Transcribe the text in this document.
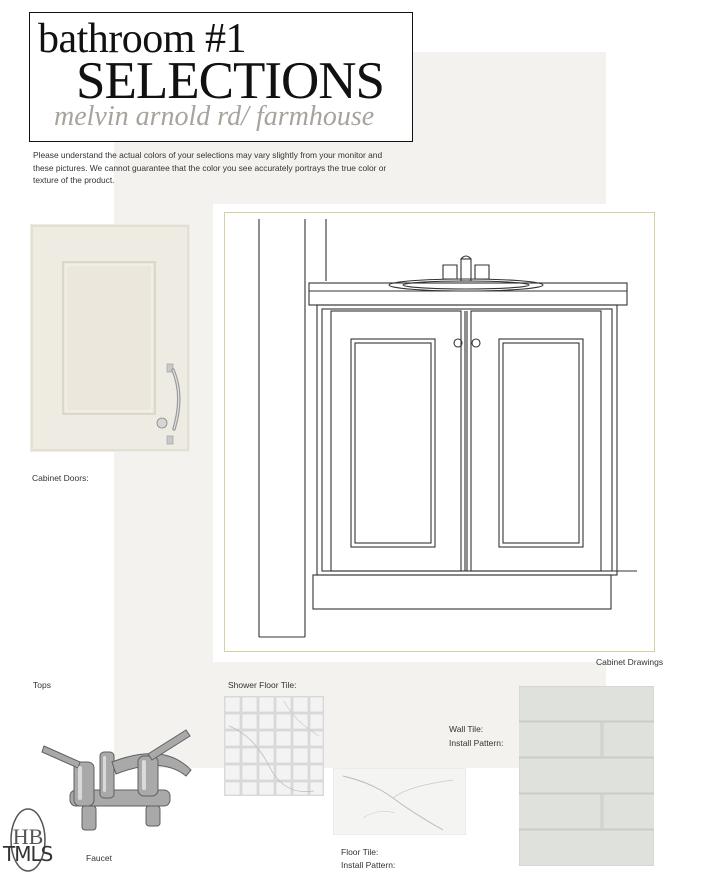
bathroom #1
SELECTIONS
melvin arnold rd/ farmhouse
Please understand the actual colors of your selections may vary slightly from your monitor and these pictures. We cannot guarantee that the color you see accurately portrays the true color or texture of the product.
Cabinet Doors:
Cabinet Drawings
Tops	Shower Floor Tile:
Floor Tile:
Install Pattern:
Wall Tile:
Install Pattern:
Faucet
HB
TMLS
